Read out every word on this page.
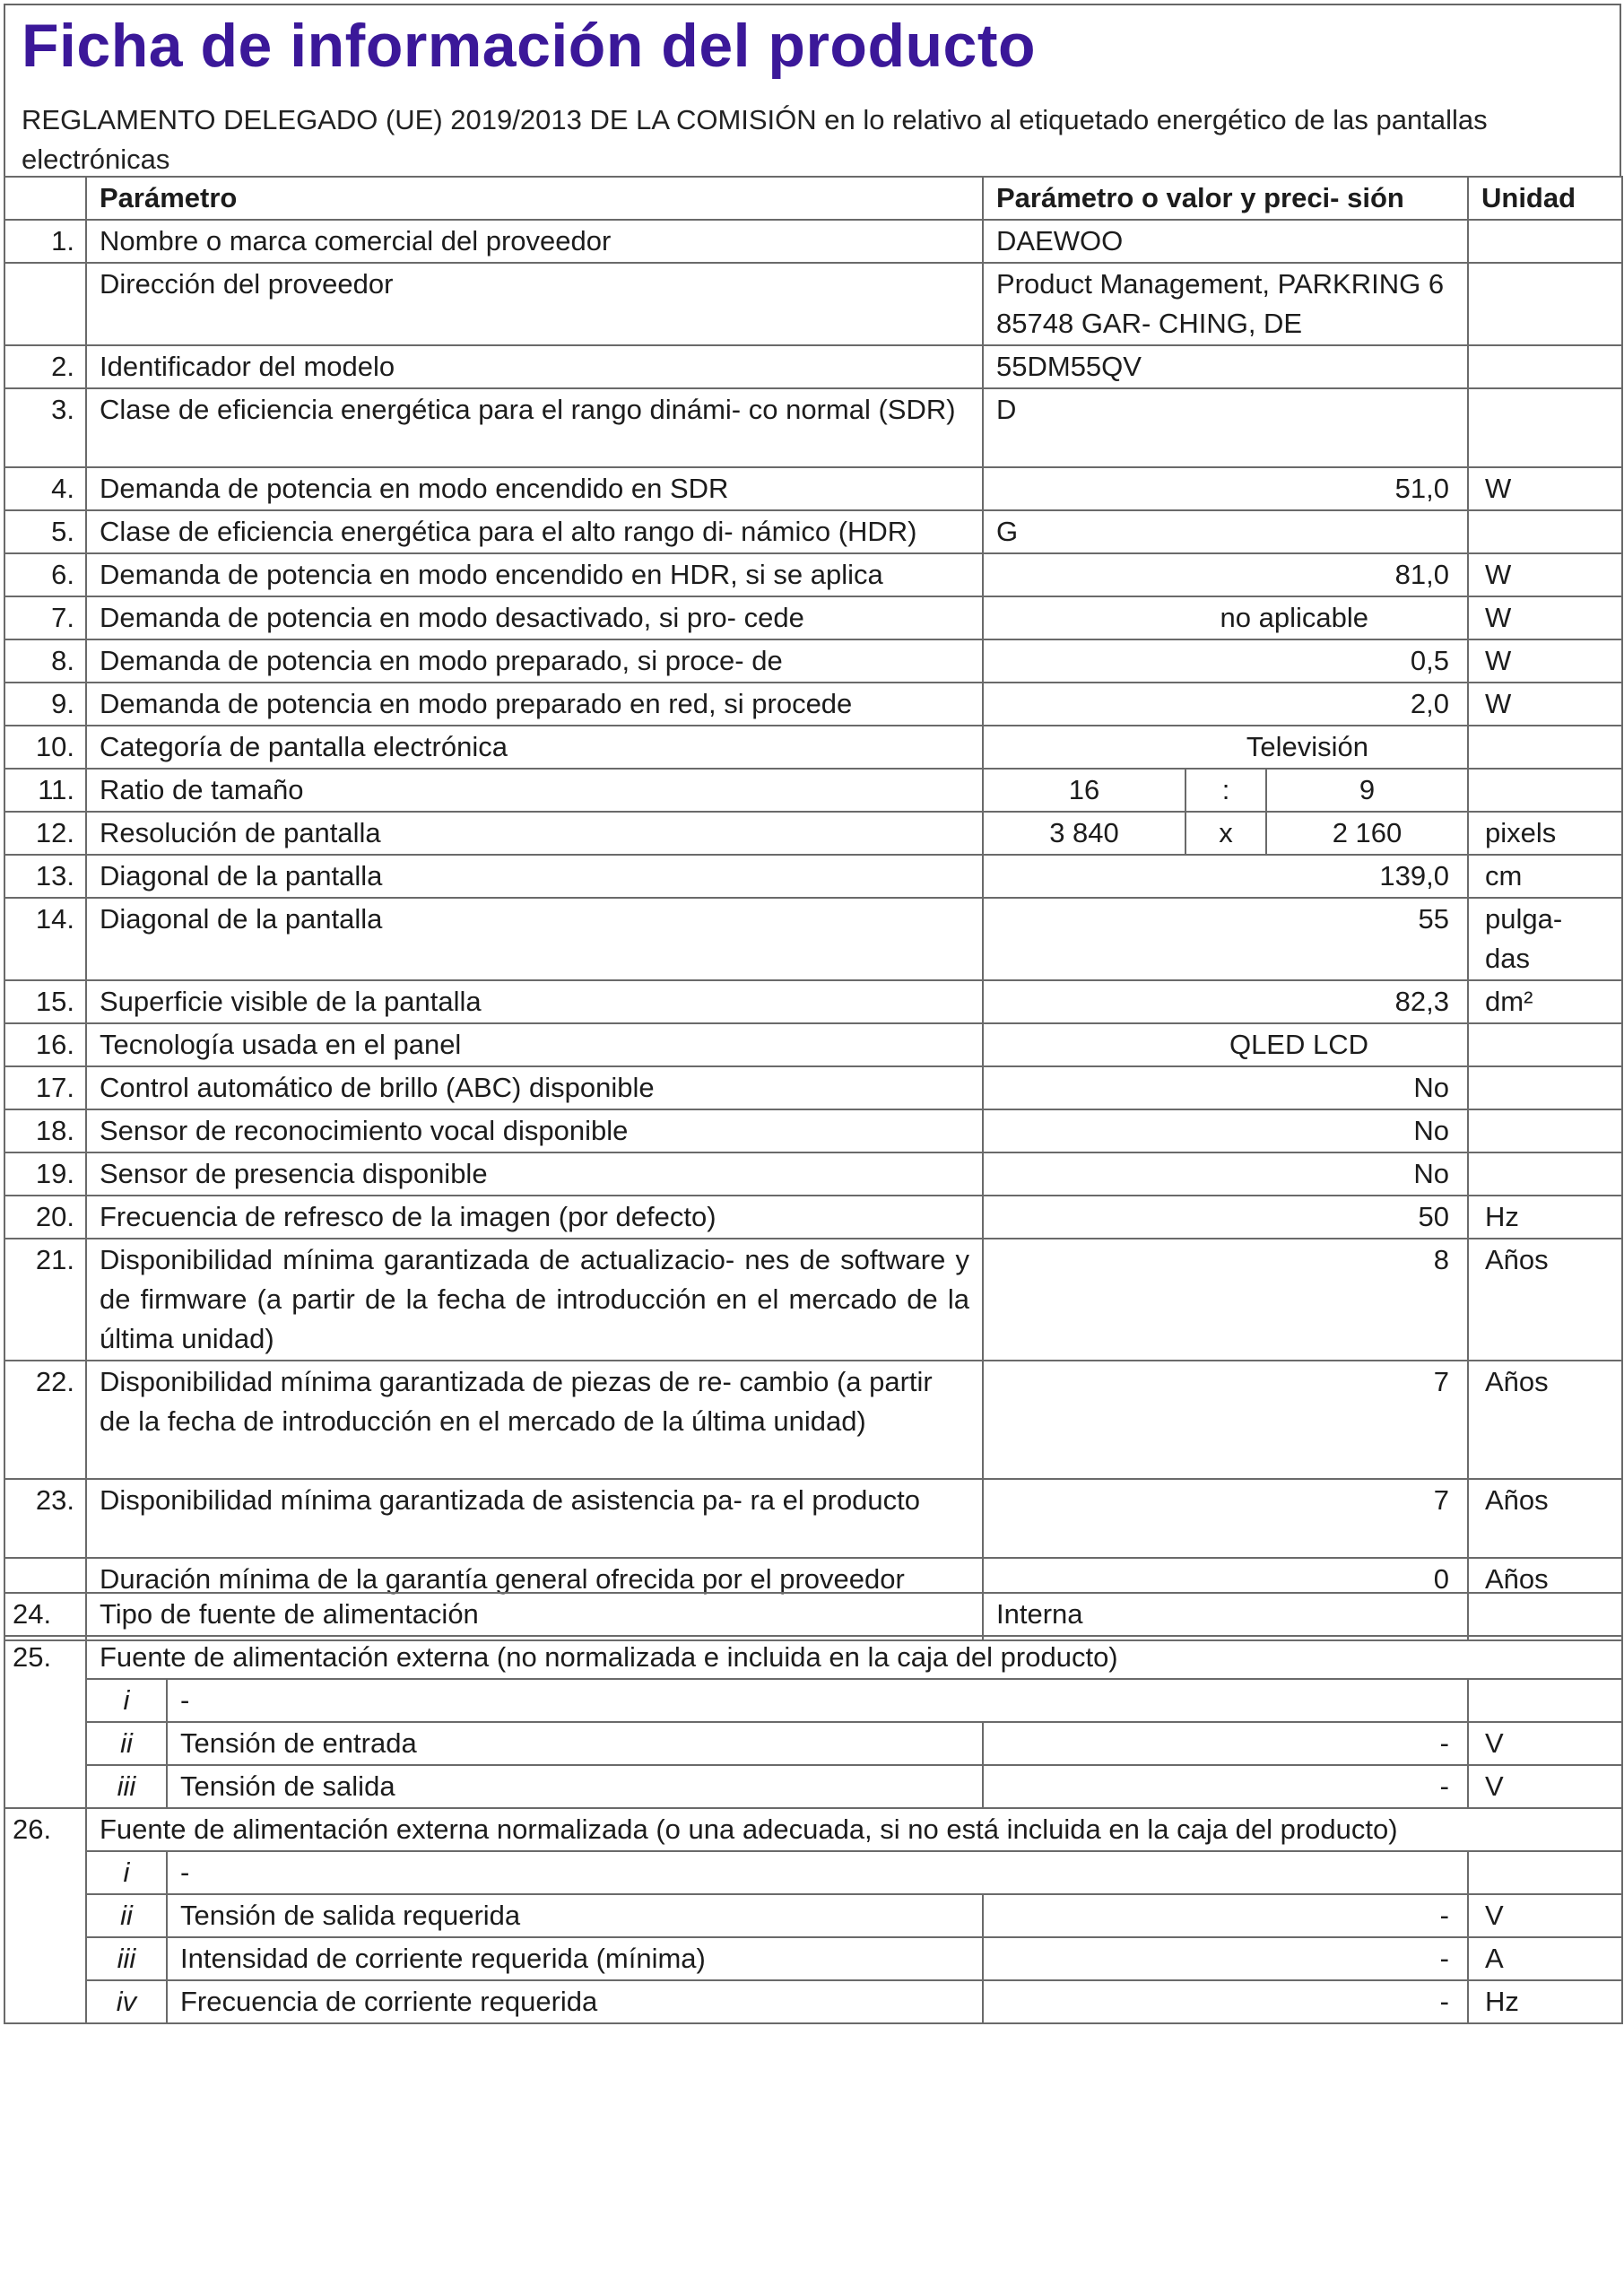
Ficha de información del producto

REGLAMENTO DELEGADO (UE) 2019/2013 DE LA COMISIÓN en lo relativo al etiquetado energético de las pantallas electrónicas

	Parámetro	Parámetro o valor y preci- sión			Unidad
1.	Nombre o marca comercial del proveedor	DAEWOO			
	Dirección del proveedor	Product Management, PARKRING 6 85748 GAR- CHING, DE			
2.	Identificador del modelo	55DM55QV			
3.	Clase de eficiencia energética para el rango dinámi- co normal (SDR)	D			
4.	Demanda de potencia en modo encendido en SDR	51,0			W
5.	Clase de eficiencia energética para el alto rango di- námico (HDR)	G			
6.	Demanda de potencia en modo encendido en HDR, si se aplica	81,0			W
7.	Demanda de potencia en modo desactivado, si pro- cede	no aplicable			W
8.	Demanda de potencia en modo preparado, si proce- de	0,5			W
9.	Demanda de potencia en modo preparado en red, si procede	2,0			W
10.	Categoría de pantalla electrónica	Televisión			
11.	Ratio de tamaño	16	:	9	
12.	Resolución de pantalla	3 840	x	2 160	pixels
13.	Diagonal de la pantalla	139,0			cm
14.	Diagonal de la pantalla	55			pulga- das
15.	Superficie visible de la pantalla	82,3			dm²
16.	Tecnología usada en el panel	QLED LCD			
17.	Control automático de brillo (ABC) disponible	No			
18.	Sensor de reconocimiento vocal disponible	No			
19.	Sensor de presencia disponible	No			
20.	Frecuencia de refresco de la imagen (por defecto)	50			Hz
21.	Disponibilidad mínima garantizada de actualizacio- nes de software y de firmware (a partir de la fecha de introducción en el mercado de la última unidad)	8			Años
22.	Disponibilidad mínima garantizada de piezas de re- cambio (a partir de la fecha de introducción en el mercado de la última unidad)	7			Años
23.	Disponibilidad mínima garantizada de asistencia pa- ra el producto	7			Años
	Duración mínima de la garantía general ofrecida por el proveedor	0			Años
24.	Tipo de fuente de alimentación		Interna	
25.	Fuente de alimentación externa (no normalizada e incluida en la caja del producto)			
	i	-		
	ii	Tensión de entrada	-	V
	iii	Tensión de salida	-	V
26.	Fuente de alimentación externa normalizada (o una adecuada, si no está incluida en la caja del producto)			
	i	-		
	ii	Tensión de salida requerida	-	V
	iii	Intensidad de corriente requerida (mínima)	-	A
	iv	Frecuencia de corriente requerida	-	Hz
